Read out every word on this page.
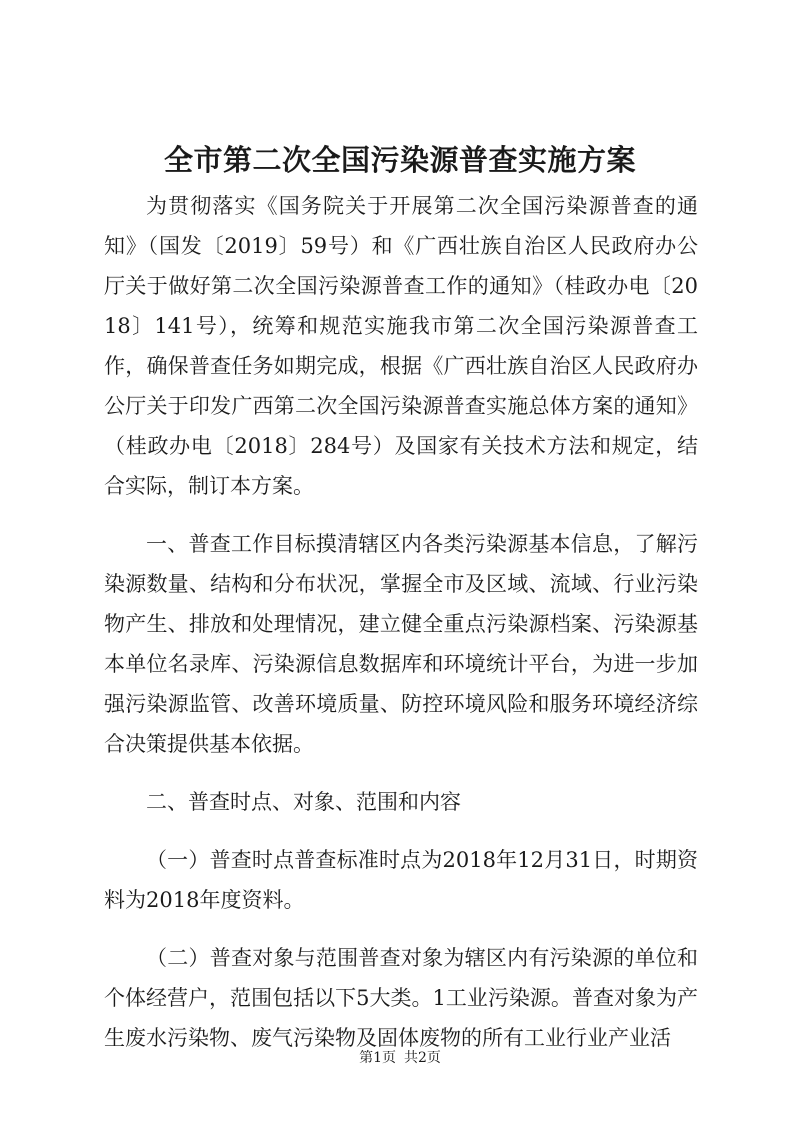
全市第二次全国污染源普查实施方案

为贯彻落实《国务院关于开展第二次全国污染源普查的通知》（国发〔2019〕59号）和《广西壮族自治区人民政府办公厅关于做好第二次全国污染源普查工作的通知》（桂政办电〔2018〕141号），统筹和规范实施我市第二次全国污染源普查工作，确保普查任务如期完成，根据《广西壮族自治区人民政府办公厅关于印发广西第二次全国污染源普查实施总体方案的通知》（桂政办电〔2018〕284号）及国家有关技术方法和规定，结合实际，制订本方案。

一、普查工作目标摸清辖区内各类污染源基本信息，了解污染源数量、结构和分布状况，掌握全市及区域、流域、行业污染物产生、排放和处理情况，建立健全重点污染源档案、污染源基本单位名录库、污染源信息数据库和环境统计平台，为进一步加强污染源监管、改善环境质量、防控环境风险和服务环境经济综合决策提供基本依据。

二、普查时点、对象、范围和内容

（一）普查时点普查标准时点为2018年12月31日，时期资料为2018年度资料。

（二）普查对象与范围普查对象为辖区内有污染源的单位和个体经营户，范围包括以下5大类。1工业污染源。普查对象为产生废水污染物、废气污染物及固体废物的所有工业行业产业活

第1页 共2页
